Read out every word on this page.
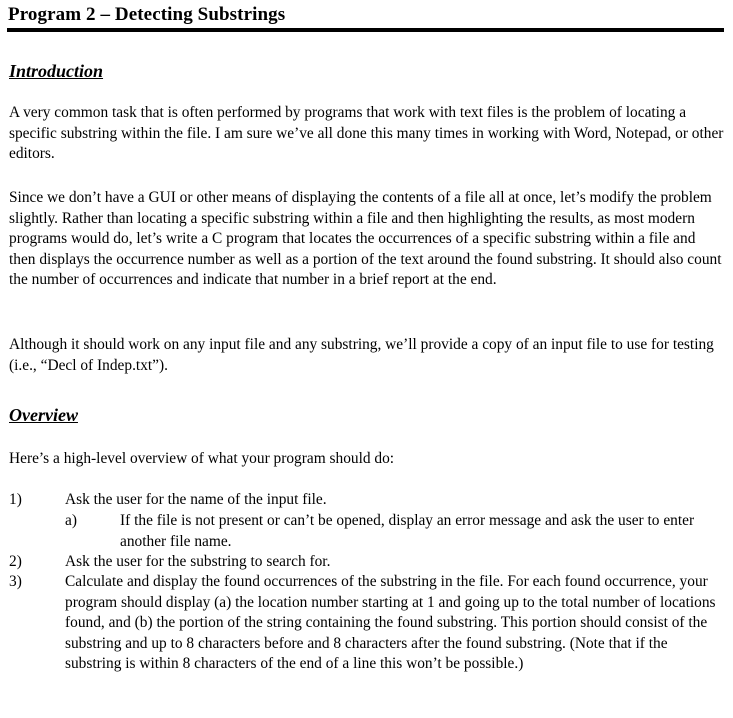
Program 2 – Detecting Substrings
Introduction

A very common task that is often performed by programs that work with text files is the problem of locating a specific substring within the file. I am sure we’ve all done this many times in working with Word, Notepad, or other editors.

Since we don’t have a GUI or other means of displaying the contents of a file all at once, let’s modify the problem slightly. Rather than locating a specific substring within a file and then highlighting the results, as most modern programs would do, let’s write a C program that locates the occurrences of a specific substring within a file and then displays the occurrence number as well as a portion of the text around the found substring. It should also count the number of occurrences and indicate that number in a brief report at the end.

Although it should work on any input file and any substring, we’ll provide a copy of an input file to use for testing (i.e., “Decl of Indep.txt”).

Overview

Here’s a high-level overview of what your program should do:

1)	Ask the user for the name of the input file.
a)	If the file is not present or can’t be opened, display an error message and ask the user to enter another file name.

2)	Ask the user for the substring to search for.
3)	Calculate and display the found occurrences of the substring in the file. For each found occurrence, your program should display (a) the location number starting at 1 and going up to the total number of locations found, and (b) the portion of the string containing the found substring. This portion should consist of the substring and up to 8 characters before and 8 characters after the found substring. (Note that if the substring is within 8 characters of the end of a line this won’t be possible.)
